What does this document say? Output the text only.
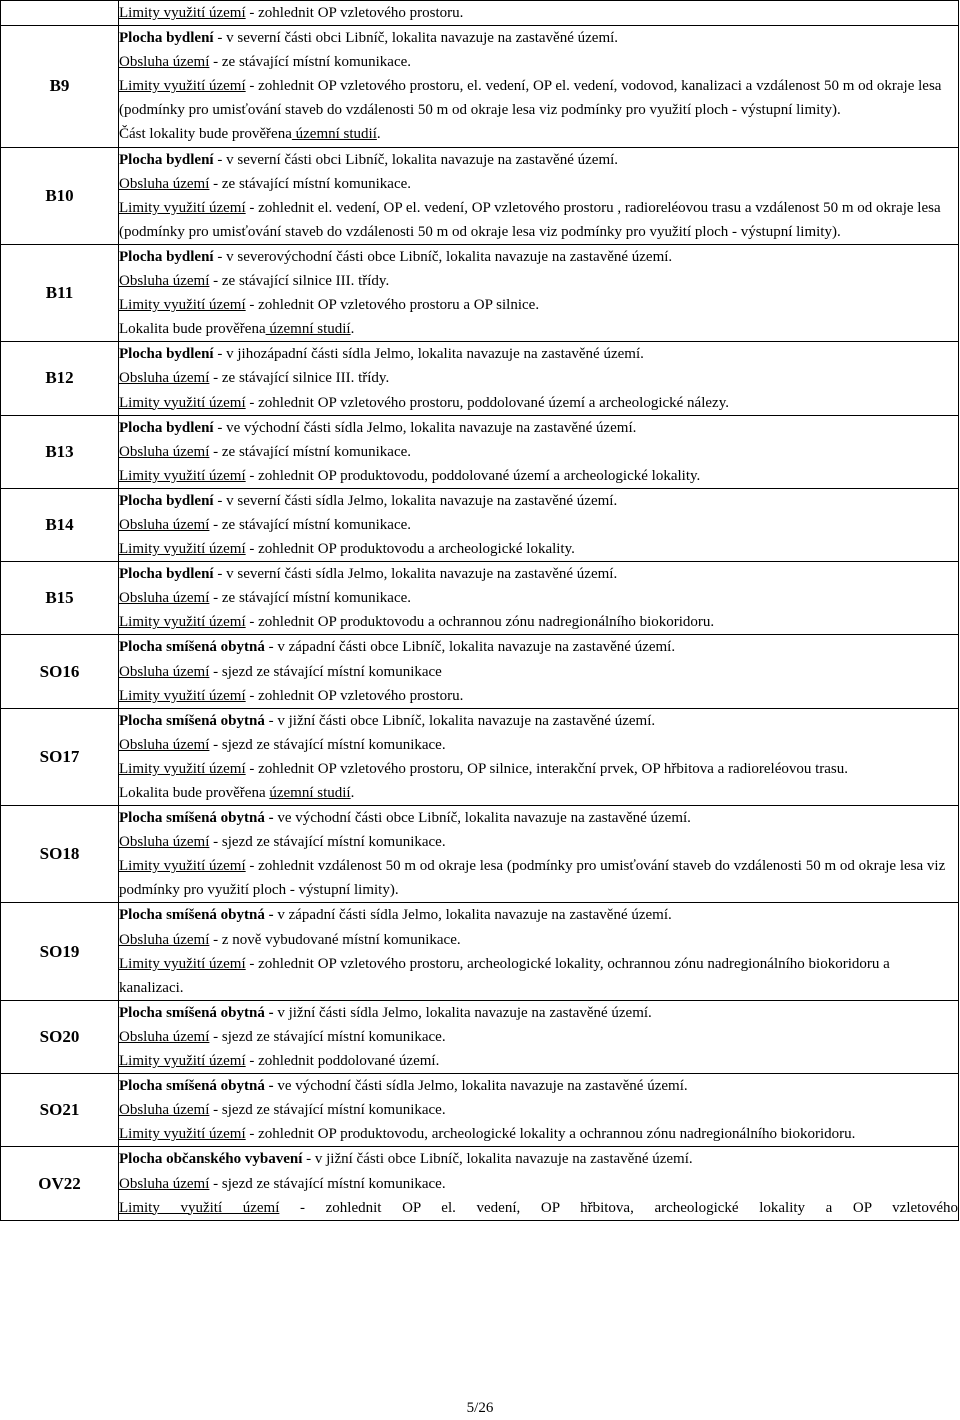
	Limity využití území - zohlednit OP vzletového prostoru.

B9	Plocha bydlení - v severní části obci Libníč, lokalita navazuje na zastavěné území.
Obsluha území - ze stávající místní komunikace.
Limity využití území - zohlednit OP vzletového prostoru, el. vedení, OP el. vedení, vodovod, kanalizaci a vzdálenost 50 m od okraje lesa (podmínky pro umisťování staveb do vzdálenosti 50 m od okraje lesa viz podmínky pro využití ploch - výstupní limity).
Část lokality bude prověřena územní studií.

B10	Plocha bydlení - v severní části obci Libníč, lokalita navazuje na zastavěné území.
Obsluha území - ze stávající místní komunikace.
Limity využití území - zohlednit el. vedení, OP el. vedení, OP vzletového prostoru , radioreléovou trasu a vzdálenost 50 m od okraje lesa (podmínky pro umisťování staveb do vzdálenosti 50 m od okraje lesa viz podmínky pro využití ploch - výstupní limity).

B11	Plocha bydlení - v severovýchodní části obce Libníč, lokalita navazuje na zastavěné území.
Obsluha území - ze stávající silnice III. třídy.
Limity využití území - zohlednit OP vzletového prostoru a OP silnice.
Lokalita bude prověřena územní studií.

B12	Plocha bydlení - v jihozápadní části sídla Jelmo, lokalita navazuje na zastavěné území.
Obsluha území - ze stávající silnice III. třídy.
Limity využití území - zohlednit OP vzletového prostoru, poddolované území a archeologické nálezy.

B13	Plocha bydlení - ve východní části sídla Jelmo, lokalita navazuje na zastavěné území.
Obsluha území - ze stávající místní komunikace.
Limity využití území - zohlednit OP produktovodu, poddolované území a archeologické lokality.

B14	Plocha bydlení - v severní části sídla Jelmo, lokalita navazuje na zastavěné území.
Obsluha území - ze stávající místní komunikace.
Limity využití území - zohlednit OP produktovodu a archeologické lokality.

B15	Plocha bydlení - v severní části sídla Jelmo, lokalita navazuje na zastavěné území.
Obsluha území - ze stávající místní komunikace.
Limity využití území - zohlednit OP produktovodu a ochrannou zónu nadregionálního biokoridoru.

SO16	Plocha smíšená obytná - v západní části obce Libníč, lokalita navazuje na zastavěné území.
Obsluha území - sjezd ze stávající místní komunikace
Limity využití území - zohlednit OP vzletového prostoru.

SO17	Plocha smíšená obytná - v jižní části obce Libníč, lokalita navazuje na zastavěné území.
Obsluha území - sjezd ze stávající místní komunikace.
Limity využití území - zohlednit OP vzletového prostoru, OP silnice, interakční prvek, OP hřbitova a radioreléovou trasu.
Lokalita bude prověřena územní studií.

SO18	Plocha smíšená obytná - ve východní části obce Libníč, lokalita navazuje na zastavěné území.
Obsluha území - sjezd ze stávající místní komunikace.
Limity využití území - zohlednit vzdálenost 50 m od okraje lesa (podmínky pro umisťování staveb do vzdálenosti 50 m od okraje lesa viz podmínky pro využití ploch - výstupní limity).

SO19	Plocha smíšená obytná - v západní části sídla Jelmo, lokalita navazuje na zastavěné území.
Obsluha území - z nově vybudované místní komunikace.
Limity využití území - zohlednit OP vzletového prostoru, archeologické lokality, ochrannou zónu nadregionálního biokoridoru a kanalizaci.

SO20	Plocha smíšená obytná - v jižní části sídla Jelmo, lokalita navazuje na zastavěné území.
Obsluha území - sjezd ze stávající místní komunikace.
Limity využití území - zohlednit poddolované území.

SO21	Plocha smíšená obytná - ve východní části sídla Jelmo, lokalita navazuje na zastavěné území.
Obsluha území - sjezd ze stávající místní komunikace.
Limity využití území - zohlednit OP produktovodu, archeologické lokality a ochrannou zónu nadregionálního biokoridoru.

OV22	Plocha občanského vybavení - v jižní části obce Libníč, lokalita navazuje na zastavěné území.
Obsluha území - sjezd ze stávající místní komunikace.
Limity využití území - zohlednit OP el. vedení, OP hřbitova, archeologické lokality a OP vzletového
5/26
